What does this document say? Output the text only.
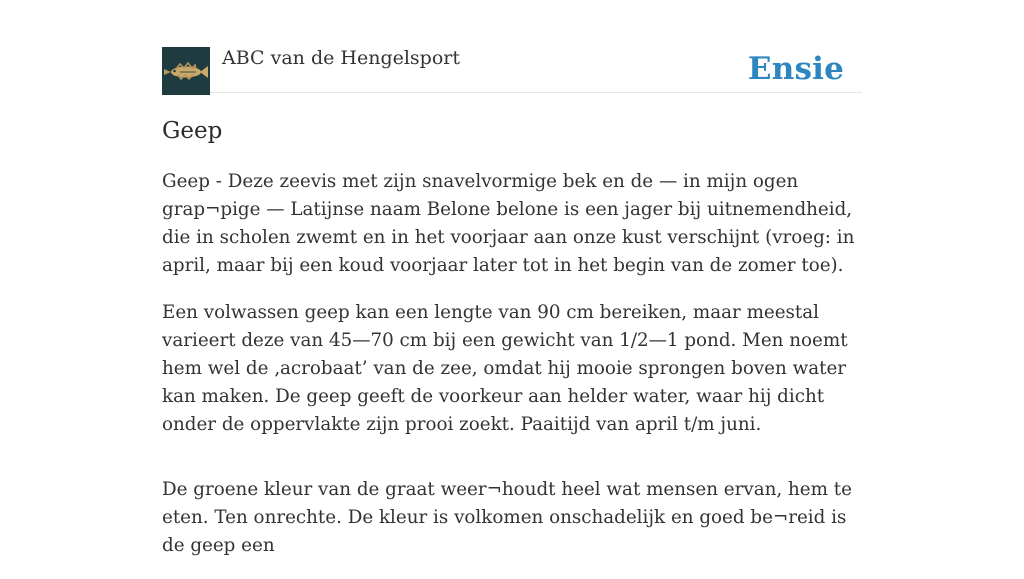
ABC van de Hengelsport	Ensie
Geep

Geep - Deze zeevis met zijn snavelvormige bek en de — in mijn ogen grap¬pige — Latijnse naam Belone belone is een jager bij uitnemendheid, die in scholen zwemt en in het voorjaar aan onze kust verschijnt (vroeg: in april, maar bij een koud voorjaar later tot in het begin van de zomer toe).

Een volwassen geep kan een lengte van 90 cm bereiken, maar meestal varieert deze van 45—70 cm bij een gewicht van 1/2—1 pond. Men noemt hem wel de ‚acrobaat’ van de zee, omdat hij mooie sprongen boven water kan maken. De geep geeft de voorkeur aan helder water, waar hij dicht onder de oppervlakte zijn prooi zoekt. Paaitijd van april t/m juni.

De groene kleur van de graat weer¬houdt heel wat mensen ervan, hem te eten. Ten onrechte. De kleur is volkomen onschadelijk en goed be¬reid is de geep een
